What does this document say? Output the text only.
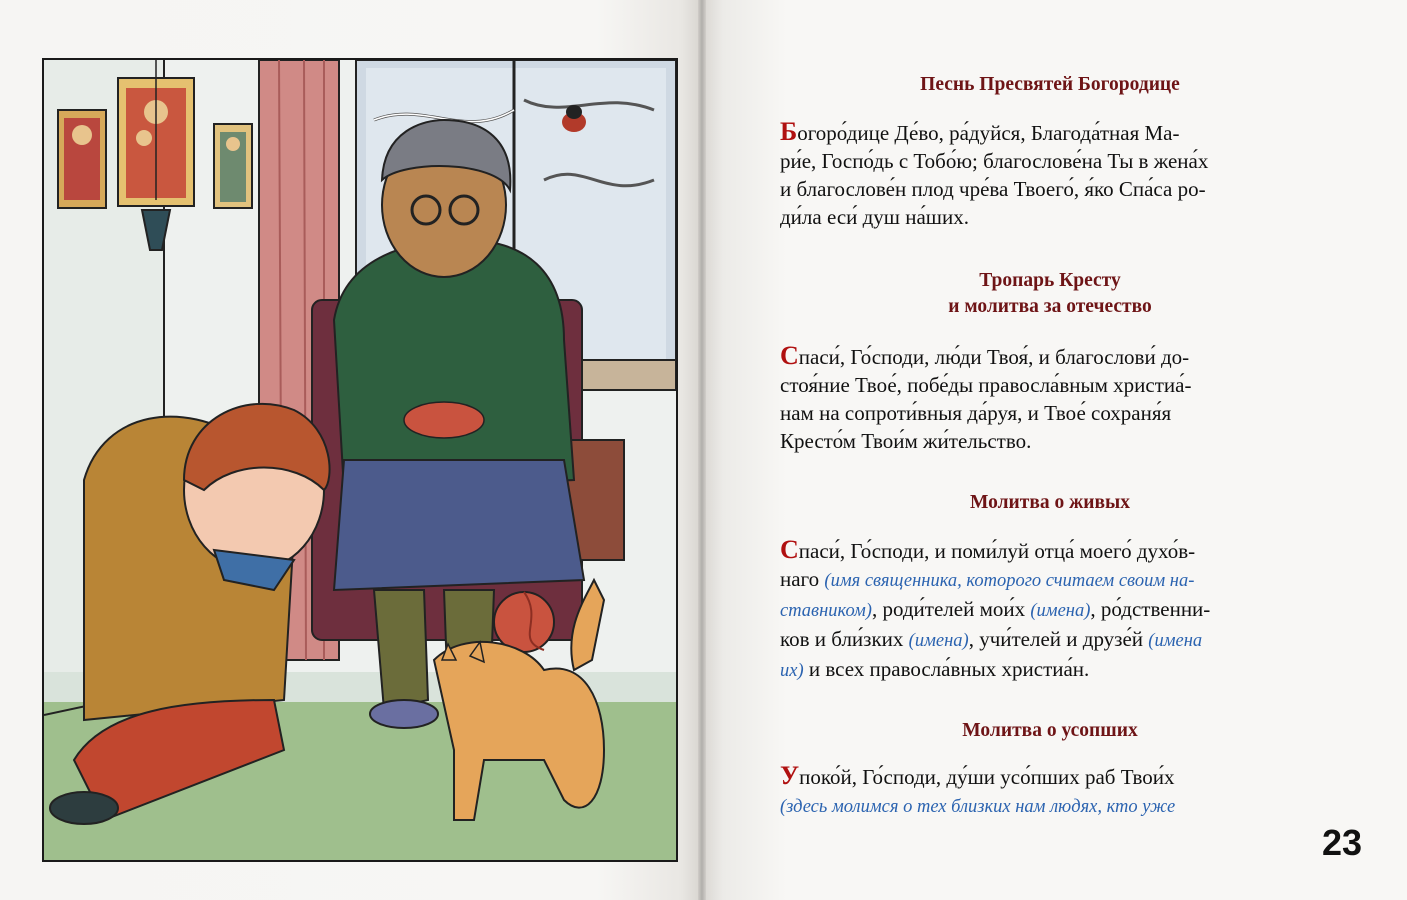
Песнь Пресвятей Богородице

Богоро́дице Де́во, ра́дуйся, Благода́тная Ма-
ри́е, Госпо́дь с Тобо́ю; благослове́на Ты в жена́х
и благослове́н плод чре́ва Твоего́, я́ко Спа́са ро-
ди́ла еси́ душ на́ших.

Тропарь Кресту
и молитва за отечество

Спаси́, Го́споди, лю́ди Твоя́, и благослови́ до-
стоя́ние Твое́, побе́ды правосла́вным христиа́-
нам на сопроти́вныя да́руя, и Твое́ сохраня́я
Кресто́м Твои́м жи́тельство.

Молитва о живых

Спаси́, Го́споди, и поми́луй отца́ моего́ духо́в-
наго (имя священника, которого считаем своим на-
ставником), роди́телей мои́х (имена), ро́дственни-
ков и бли́зких (имена), учи́телей и друзе́й (имена
их) и всех правосла́вных христиа́н.

Молитва о усопших

Упоко́й, Го́споди, ду́ши усо́пших раб Твои́х
(здесь молимся о тех близких нам людях, кто уже

23
